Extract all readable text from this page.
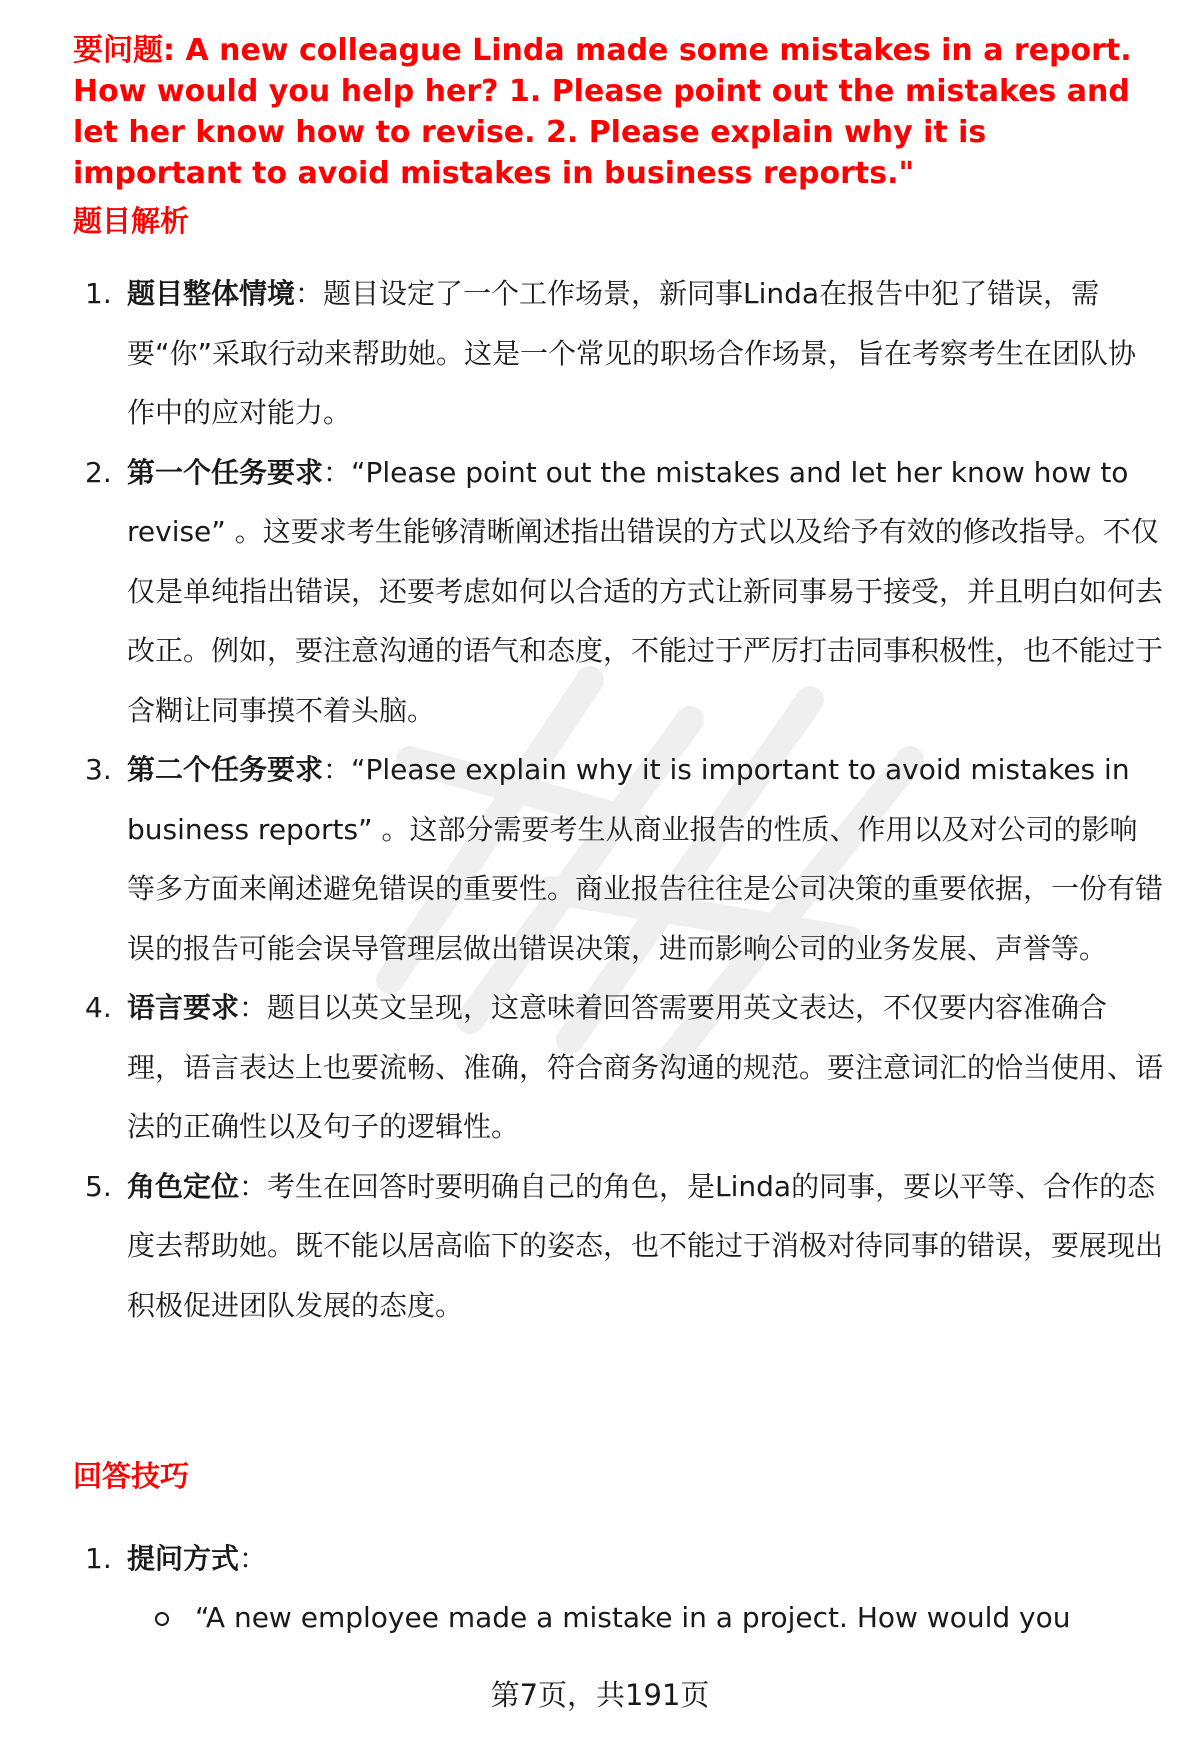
要问题: A new colleague Linda made some mistakes in a report. How would you help her? 1. Please point out the mistakes and let her know how to revise. 2. Please explain why it is important to avoid mistakes in business reports."

题目解析
1. 题目整体情境：题目设定了一个工作场景，新同事Linda在报告中犯了错误，需要“你”采取行动来帮助她。这是一个常见的职场合作场景，旨在考察考生在团队协作中的应对能力。
2. 第一个任务要求：“Please point out the mistakes and let her know how to revise” 。这要求考生能够清晰阐述指出错误的方式以及给予有效的修改指导。不仅仅是单纯指出错误，还要考虑如何以合适的方式让新同事易于接受，并且明白如何去改正。例如，要注意沟通的语气和态度，不能过于严厉打击同事积极性，也不能过于含糊让同事摸不着头脑。
3. 第二个任务要求：“Please explain why it is important to avoid mistakes in business reports” 。这部分需要考生从商业报告的性质、作用以及对公司的影响等多方面来阐述避免错误的重要性。商业报告往往是公司决策的重要依据，一份有错误的报告可能会误导管理层做出错误决策，进而影响公司的业务发展、声誉等。
4. 语言要求：题目以英文呈现，这意味着回答需要用英文表达，不仅要内容准确合理，语言表达上也要流畅、准确，符合商务沟通的规范。要注意词汇的恰当使用、语法的正确性以及句子的逻辑性。
5. 角色定位：考生在回答时要明确自己的角色，是Linda的同事，要以平等、合作的态度去帮助她。既不能以居高临下的姿态，也不能过于消极对待同事的错误，要展现出积极促进团队发展的态度。
回答技巧
1. 提问方式：
“A new employee made a mistake in a project. How would you
第7页，共191页
